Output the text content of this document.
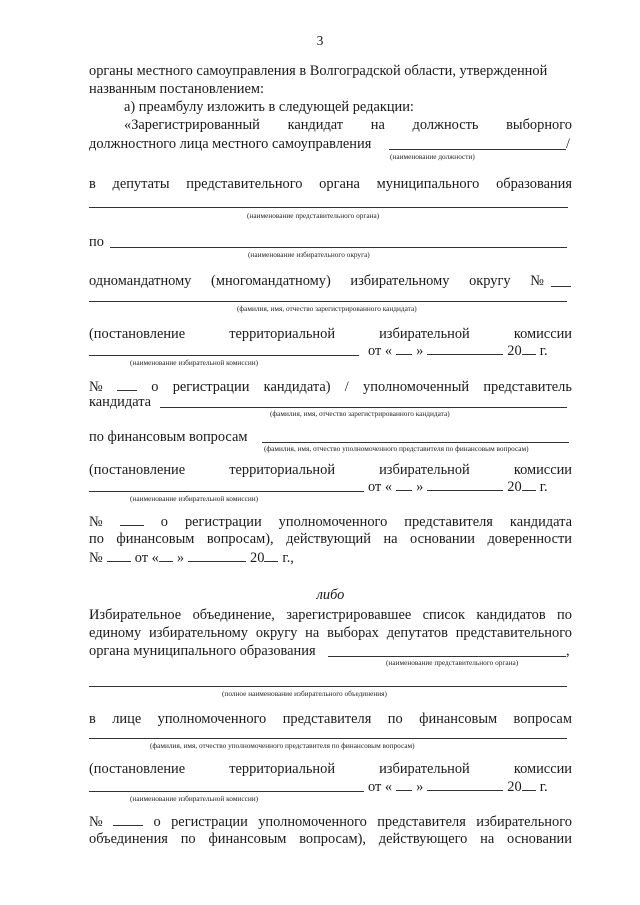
3
органы местного самоуправления в Волгоградской области, утвержденной
названным постановлением:
а) преамбулу изложить в следующей редакции:
«Зарегистрированный кандидат на должность выборного
должностного лица местного самоуправления	/
(наименование должности)
в депутаты представительного органа муниципального образования
(наименование представительного органа)
по
(наименование избирательного округа)
одномандатному (многомандатному) избирательному округу №
(фамилия, имя, отчество зарегистрированного кандидата)
(постановление	территориальной	избирательной	комиссии
от « »	20 г.
(наименование избирательной комиссии)
№	о регистрации кандидата) / уполномоченный представитель
кандидата
(фамилия, имя, отчество зарегистрированного кандидата)
по финансовым вопросам
(фамилия, имя, отчество уполномоченного представителя по финансовым вопросам)
(постановление	территориальной	избирательной	комиссии
от « »	20 г.
(наименование избирательной комиссии)
№	о регистрации уполномоченного представителя кандидата
по финансовым вопросам), действующий на основании доверенности
№ от « »	20 г.,
либо
Избирательное объединение, зарегистрировавшее список кандидатов по
единому избирательному округу на выборах депутатов представительного
органа муниципального образования	,
(наименование представительного органа)
(полное наименование избирательного объединения)
в лице уполномоченного представителя по финансовым вопросам
(фамилия, имя, отчество уполномоченного представителя по финансовым вопросам)
(постановление	территориальной	избирательной	комиссии
от « »	20 г.
(наименование избирательной комиссии)
№	о регистрации уполномоченного представителя избирательного
объединения по финансовым вопросам), действующего на основании
